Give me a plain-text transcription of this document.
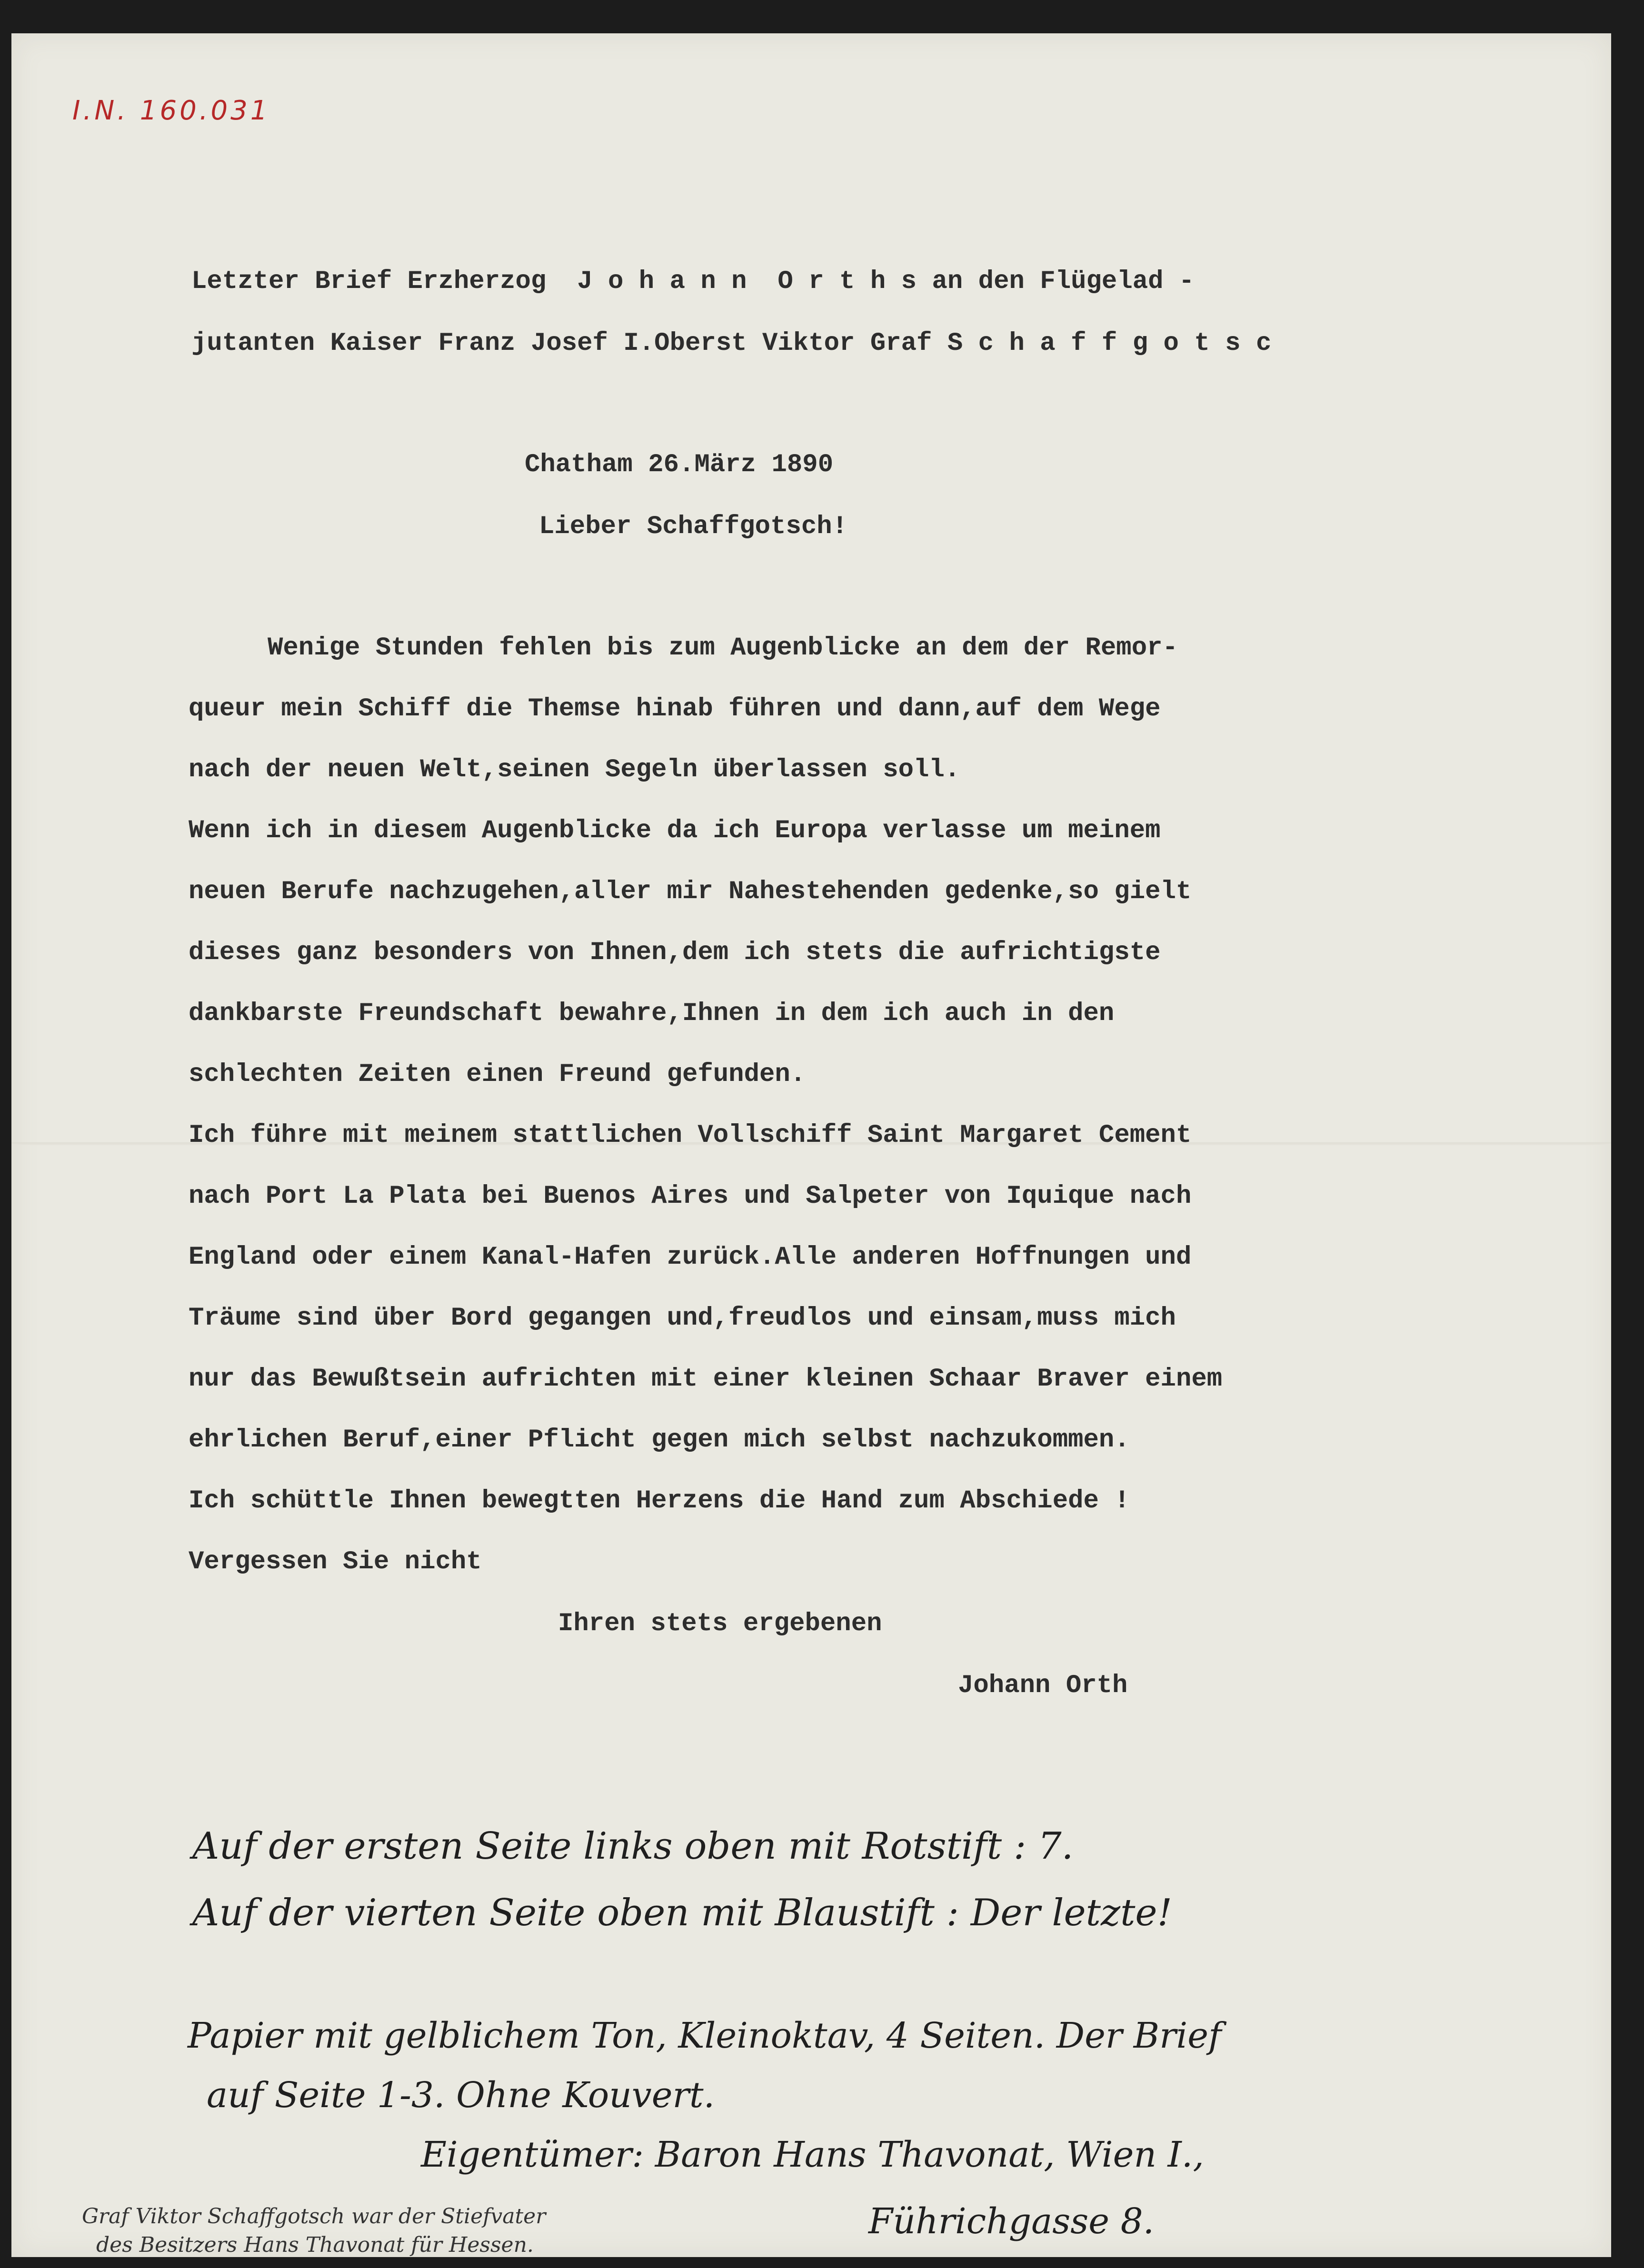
I.N. 160.031
Letzter Brief Erzherzog  J o h a n n  O r t h s an den Flügelad -
jutanten Kaiser Franz Josef I.Oberst Viktor Graf S c h a f f g o t s c
Chatham 26.März 1890
Lieber Schaffgotsch!
Wenige Stunden fehlen bis zum Augenblicke an dem der Remor-
queur mein Schiff die Themse hinab führen und dann,auf dem Wege
nach der neuen Welt,seinen Segeln überlassen soll.
Wenn ich in diesem Augenblicke da ich Europa verlasse um meinem
neuen Berufe nachzugehen,aller mir Nahestehenden gedenke,so gielt
dieses ganz besonders von Ihnen,dem ich stets die aufrichtigste
dankbarste Freundschaft bewahre,Ihnen in dem ich auch in den
schlechten Zeiten einen Freund gefunden.
Ich führe mit meinem stattlichen Vollschiff Saint Margaret Cement
nach Port La Plata bei Buenos Aires und Salpeter von Iquique nach
England oder einem Kanal-Hafen zurück.Alle anderen Hoffnungen und
Träume sind über Bord gegangen und,freudlos und einsam,muss mich
nur das Bewußtsein aufrichten mit einer kleinen Schaar Braver einem
ehrlichen Beruf,einer Pflicht gegen mich selbst nachzukommen.
Ich schüttle Ihnen bewegtten Herzens die Hand zum Abschiede !
Vergessen Sie nicht
Ihren stets ergebenen
Johann Orth
Auf der ersten Seite links oben mit Rotstift : 7.
Auf der vierten Seite oben mit Blaustift : Der letzte!
Papier mit gelblichem Ton, Kleinoktav, 4 Seiten. Der Brief
auf Seite 1-3. Ohne Kouvert.
Eigentümer: Baron Hans Thavonat, Wien I.,
Führichgasse 8.
Graf Viktor Schaffgotsch war der Stiefvater
des Besitzers Hans Thavonat für Hessen.
